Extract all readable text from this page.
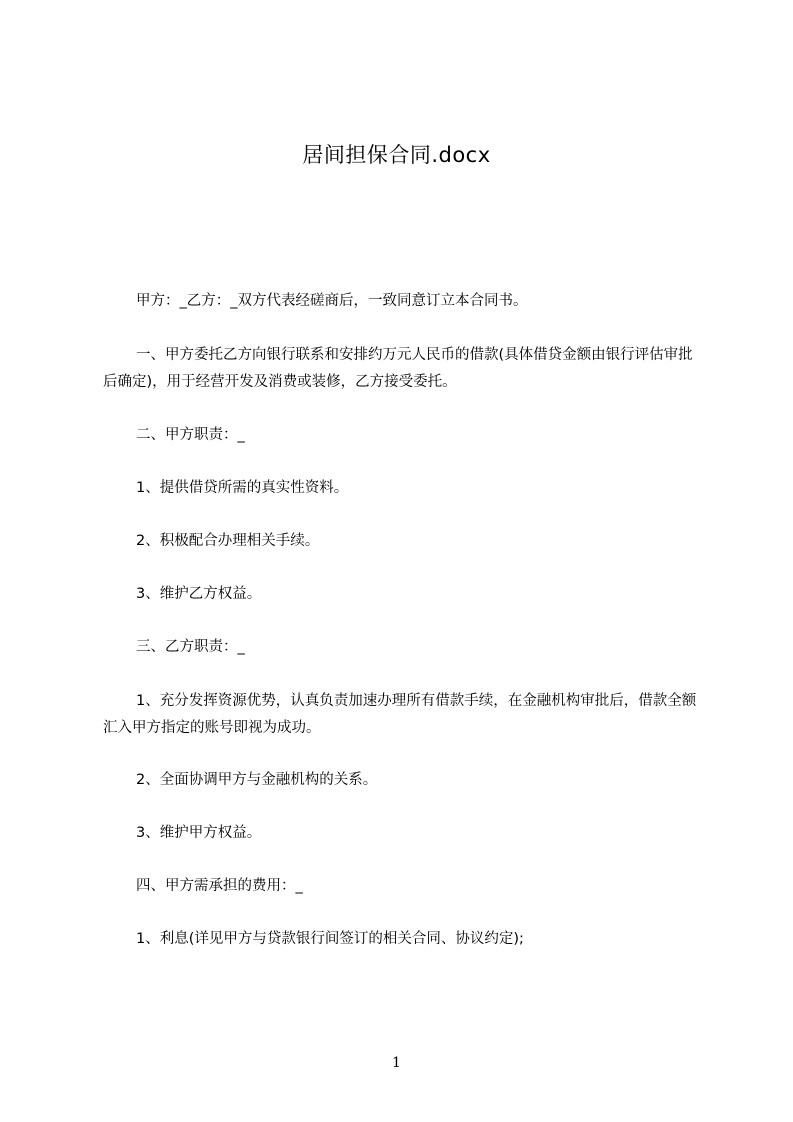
居间担保合同.docx
甲方：_乙方：_双方代表经磋商后，一致同意订立本合同书。
一、甲方委托乙方向银行联系和安排约万元人民币的借款(具体借贷金额由银行评估审批后确定)，用于经营开发及消费或装修，乙方接受委托。
二、甲方职责：_
1、提供借贷所需的真实性资料。
2、积极配合办理相关手续。
3、维护乙方权益。
三、乙方职责：_
1、充分发挥资源优势，认真负责加速办理所有借款手续，在金融机构审批后，借款全额汇入甲方指定的账号即视为成功。
2、全面协调甲方与金融机构的关系。
3、维护甲方权益。
四、甲方需承担的费用：_
1、利息(详见甲方与贷款银行间签订的相关合同、协议约定);
1
